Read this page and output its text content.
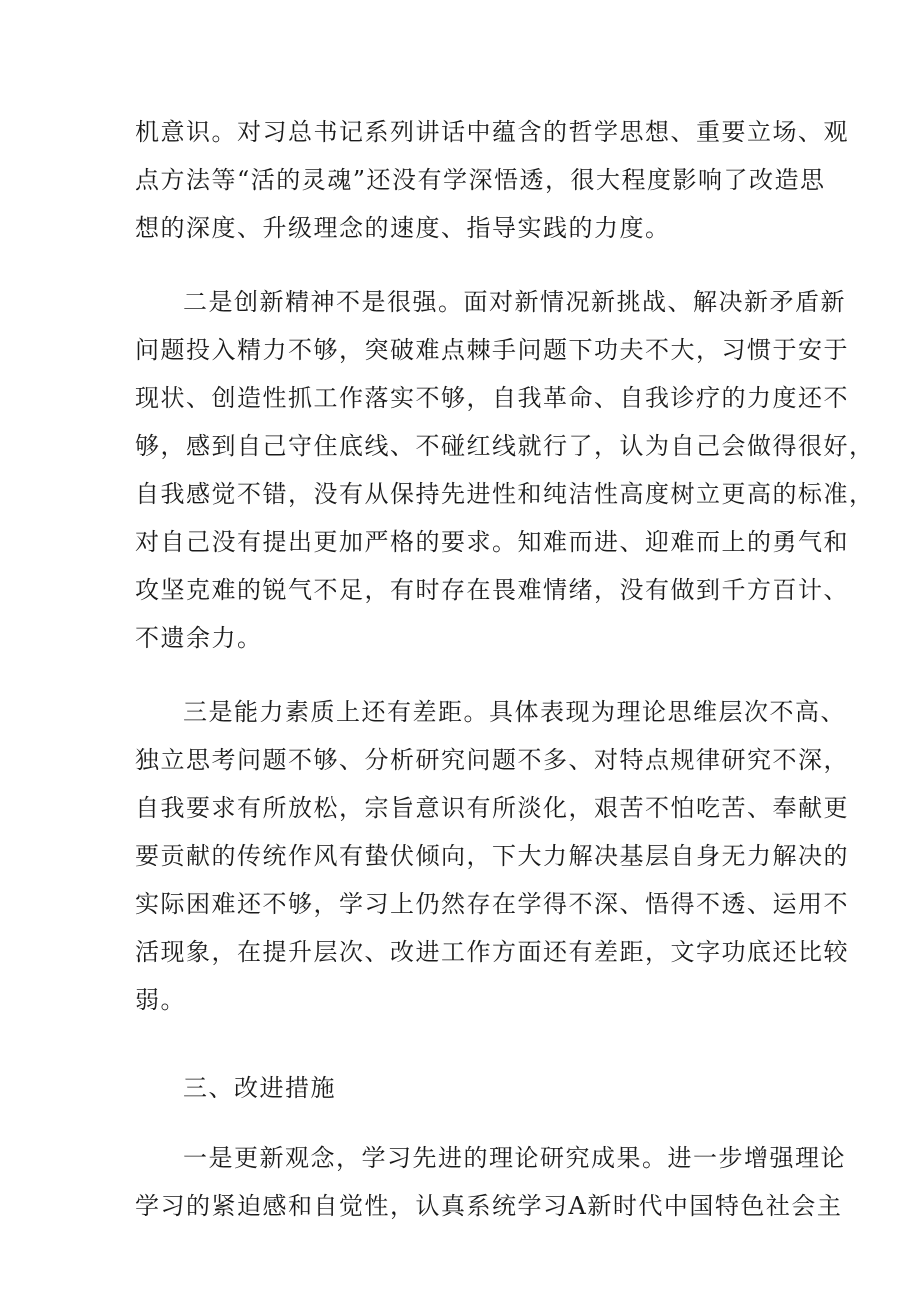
机意识。对习总书记系列讲话中蕴含的哲学思想、重要立场、观
点方法等“活的灵魂”还没有学深悟透，很大程度影响了改造思
想的深度、升级理念的速度、指导实践的力度。
二是创新精神不是很强。面对新情况新挑战、解决新矛盾新
问题投入精力不够，突破难点棘手问题下功夫不大，习惯于安于
现状、创造性抓工作落实不够，自我革命、自我诊疗的力度还不
够，感到自己守住底线、不碰红线就行了，认为自己会做得很好，
自我感觉不错，没有从保持先进性和纯洁性高度树立更高的标准，
对自己没有提出更加严格的要求。知难而进、迎难而上的勇气和
攻坚克难的锐气不足，有时存在畏难情绪，没有做到千方百计、
不遗余力。
三是能力素质上还有差距。具体表现为理论思维层次不高、
独立思考问题不够、分析研究问题不多、对特点规律研究不深，
自我要求有所放松，宗旨意识有所淡化，艰苦不怕吃苦、奉献更
要贡献的传统作风有蛰伏倾向，下大力解决基层自身无力解决的
实际困难还不够，学习上仍然存在学得不深、悟得不透、运用不
活现象，在提升层次、改进工作方面还有差距，文字功底还比较
弱。
三、改进措施
一是更新观念，学习先进的理论研究成果。进一步增强理论
学习的紧迫感和自觉性，认真系统学习A新时代中国特色社会主
